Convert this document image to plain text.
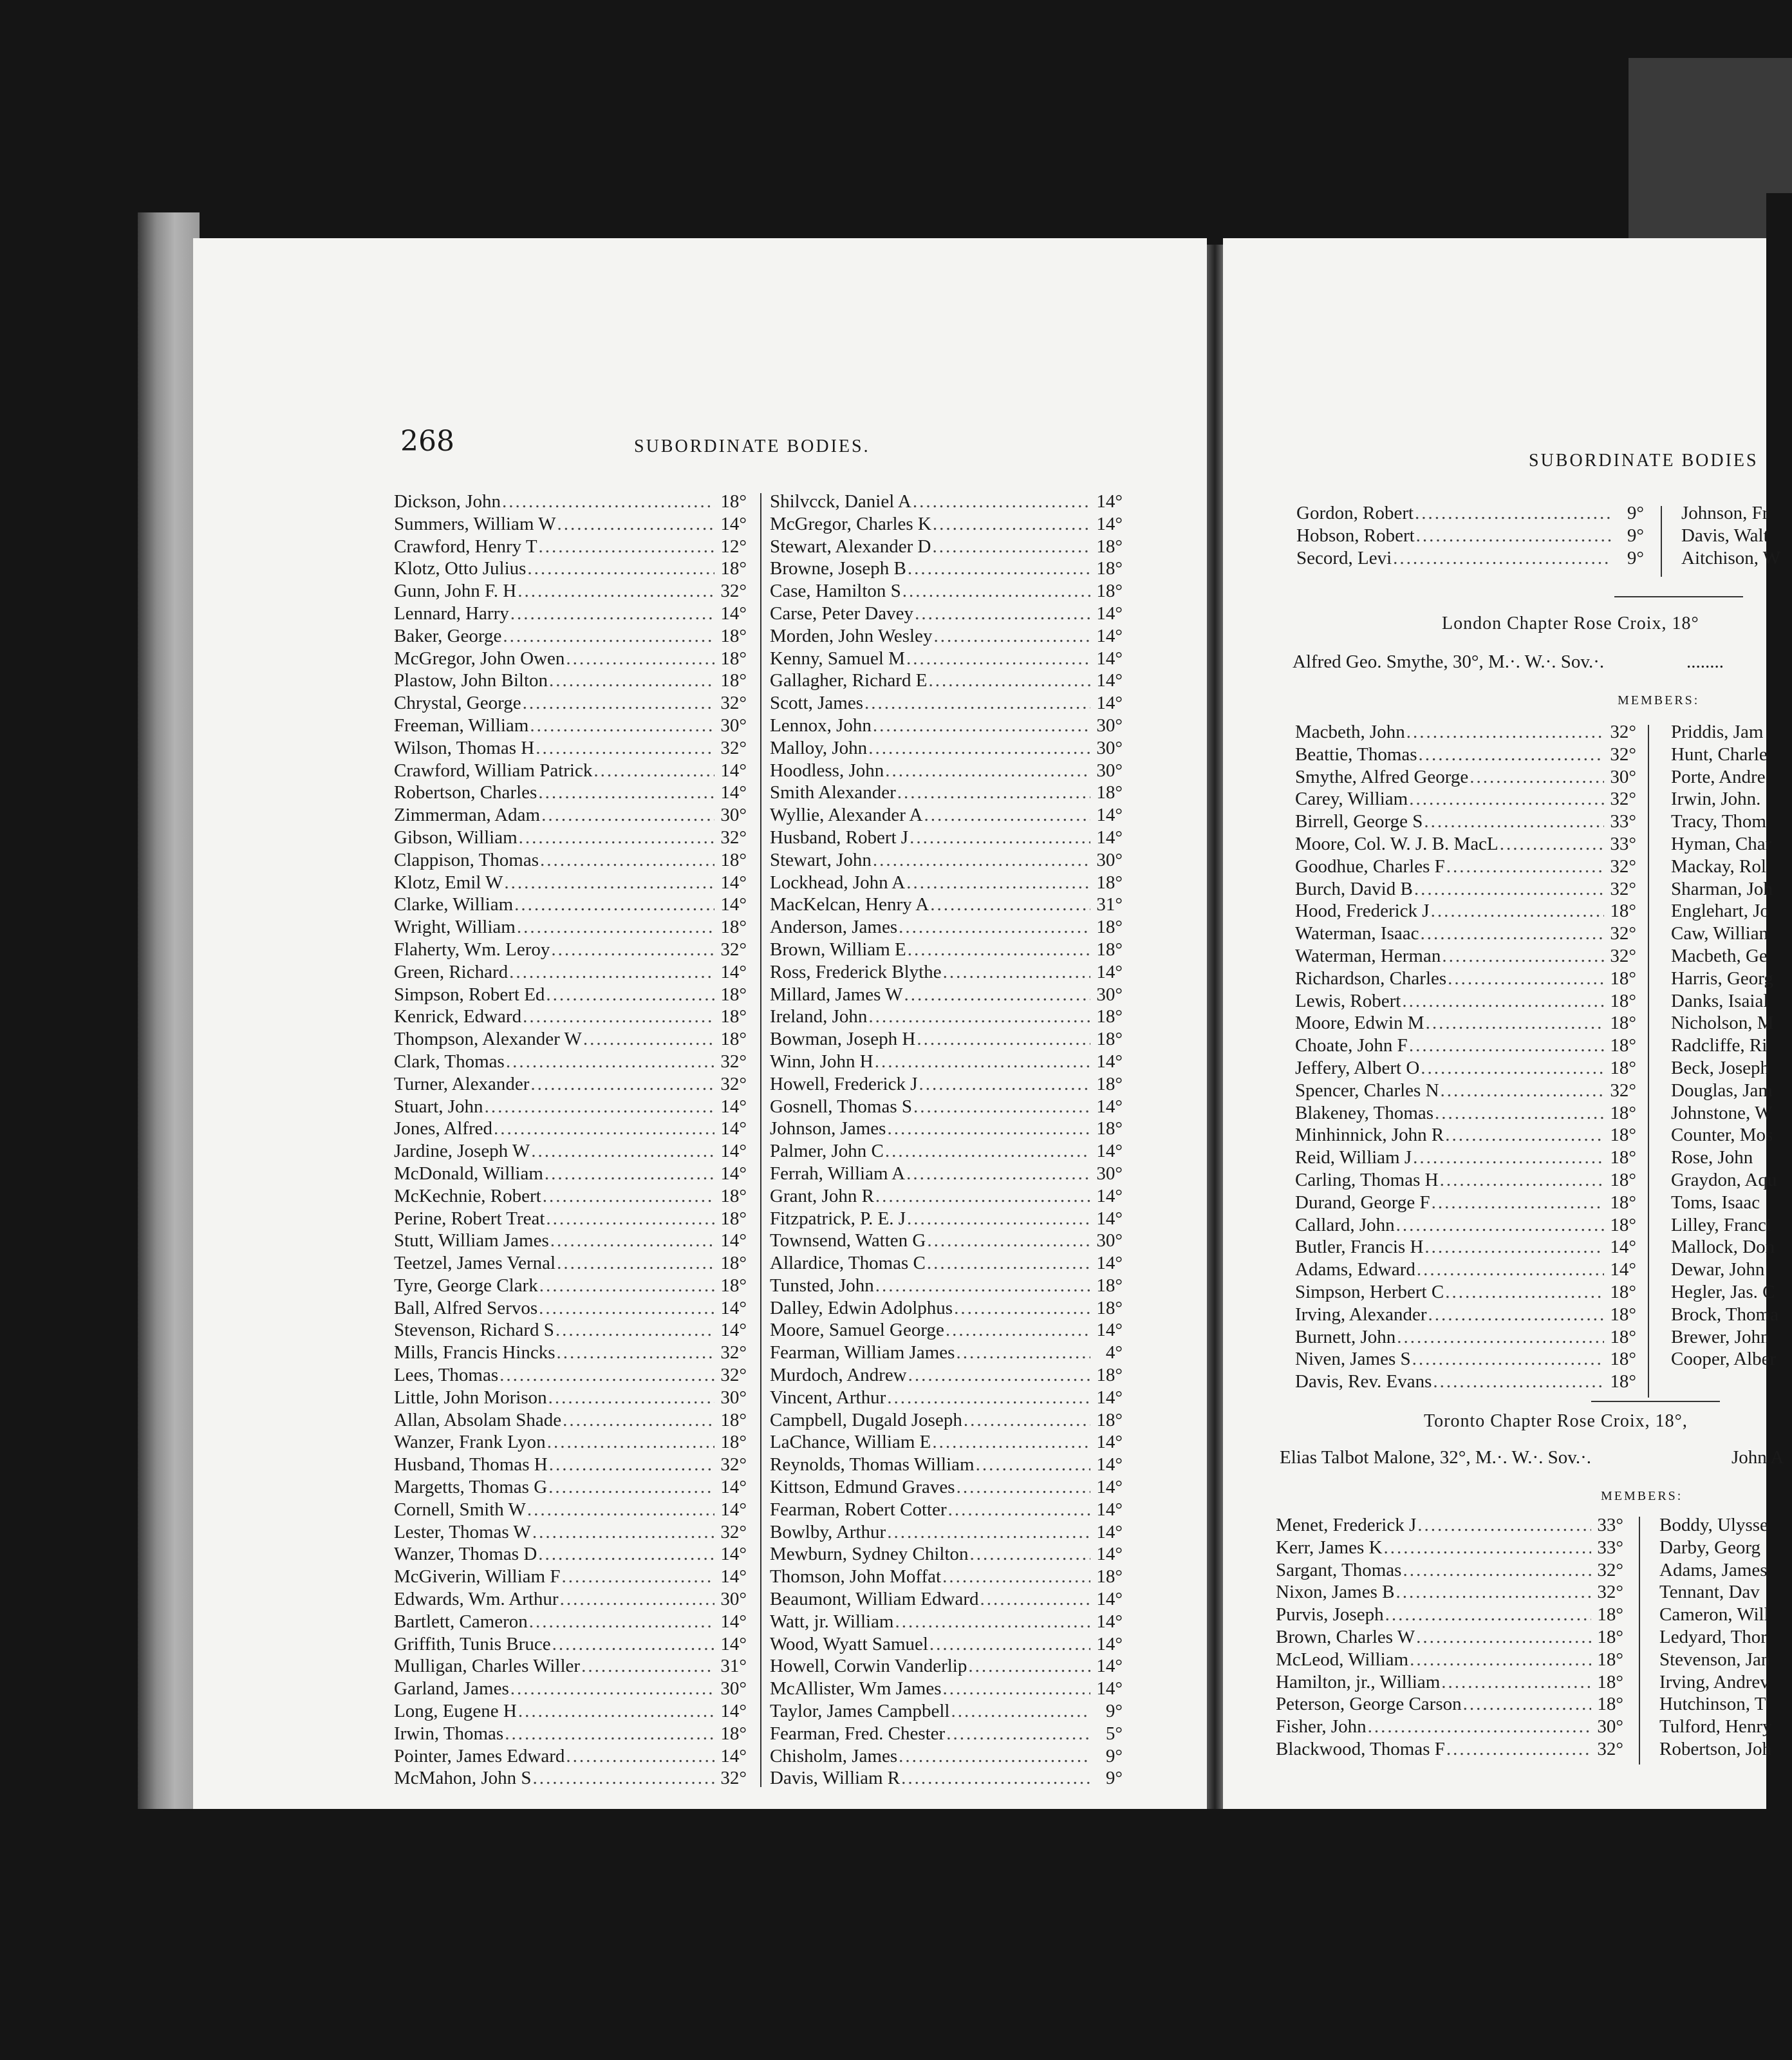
268	SUBORDINATE BODIES.
SUBORDINATE BODIES
Dickson, John .....	18°
Summers, William W .....	14°
Crawford, Henry T .....	12°
Klotz, Otto Julius .....	18°
Gunn, John F. H .....	32°
Lennard, Harry .....	14°
Baker, George .....	18°
McGregor, John Owen .....	18°
Plastow, John Bilton .....	18°
Chrystal, George .....	32°
Freeman, William .....	30°
Wilson, Thomas H .....	32°
Crawford, William Patrick .....	14°
Robertson, Charles .....	14°
Zimmerman, Adam .....	30°
Gibson, William .....	32°
Clappison, Thomas .....	18°
Klotz, Emil W .....	14°
Clarke, William .....	14°
Wright, William .....	18°
Flaherty, Wm. Leroy .....	32°
Green, Richard .....	14°
Simpson, Robert Ed .....	18°
Kenrick, Edward .....	18°
Thompson, Alexander W .....	18°
Clark, Thomas .....	32°
Turner, Alexander .....	32°
Stuart, John .....	14°
Jones, Alfred .....	14°
Jardine, Joseph W .....	14°
McDonald, William .....	14°
McKechnie, Robert .....	18°
Perine, Robert Treat .....	18°
Stutt, William James .....	14°
Teetzel, James Vernal .....	18°
Tyre, George Clark .....	18°
Ball, Alfred Servos .....	14°
Stevenson, Richard S .....	14°
Mills, Francis Hincks .....	32°
Lees, Thomas .....	32°
Little, John Morison .....	30°
Allan, Absolam Shade .....	18°
Wanzer, Frank Lyon .....	18°
Husband, Thomas H .....	32°
Margetts, Thomas G .....	14°
Cornell, Smith W .....	14°
Lester, Thomas W .....	32°
Wanzer, Thomas D .....	14°
McGiverin, William F .....	14°
Edwards, Wm. Arthur .....	30°
Bartlett, Cameron .....	14°
Griffith, Tunis Bruce .....	14°
Mulligan, Charles Willer .....	31°
Garland, James .....	30°
Long, Eugene H .....	14°
Irwin, Thomas .....	18°
Pointer, James Edward .....	14°
McMahon, John S .....	32°
Shilvcck, Daniel A .....	14°
McGregor, Charles K .....	14°
Stewart, Alexander D .....	18°
Browne, Joseph B .....	18°
Case, Hamilton S .....	18°
Carse, Peter Davey .....	14°
Morden, John Wesley .....	14°
Kenny, Samuel M .....	14°
Gallagher, Richard E .....	14°
Scott, James .....	14°
Lennox, John .....	30°
Malloy, John .....	30°
Hoodless, John .....	30°
Smith Alexander .....	18°
Wyllie, Alexander A .....	14°
Husband, Robert J .....	14°
Stewart, John .....	30°
Lockhead, John A .....	18°
MacKelcan, Henry A .....	31°
Anderson, James .....	18°
Brown, William E .....	18°
Ross, Frederick Blythe .....	14°
Millard, James W .....	30°
Ireland, John .....	18°
Bowman, Joseph H .....	18°
Winn, John H .....	14°
Howell, Frederick J .....	18°
Gosnell, Thomas S .....	14°
Johnson, James .....	18°
Palmer, John C .....	14°
Ferrah, William A .....	30°
Grant, John R .....	14°
Fitzpatrick, P. E. J .....	14°
Townsend, Watten G .....	30°
Allardice, Thomas C .....	14°
Tunsted, John .....	18°
Dalley, Edwin Adolphus .....	18°
Moore, Samuel George .....	14°
Fearman, William James .....	4°
Murdoch, Andrew .....	18°
Vincent, Arthur .....	14°
Campbell, Dugald Joseph .....	18°
LaChance, William E .....	14°
Reynolds, Thomas William .....	14°
Kittson, Edmund Graves .....	14°
Fearman, Robert Cotter .....	14°
Bowlby, Arthur .....	14°
Mewburn, Sydney Chilton .....	14°
Thomson, John Moffat .....	18°
Beaumont, William Edward .....	14°
Watt, jr. William .....	14°
Wood, Wyatt Samuel .....	14°
Howell, Corwin Vanderlip .....	14°
McAllister, Wm James .....	14°
Taylor, James Campbell .....	9°
Fearman, Fred. Chester .....	5°
Chisholm, James .....	9°
Davis, William R .....	9°
Gordon, Robert .....	9°
Hobson, Robert .....	9°
Secord, Levi .....	9°
Johnson, Fr
Davis, Walt
Aitchison, W
London Chapter Rose Croix, 18°
Alfred Geo. Smythe, 30°, M.·. W.·. Sov.·.	........
MEMBERS:
Macbeth, John .....	32°
Beattie, Thomas .....	32°
Smythe, Alfred George .....	30°
Carey, William .....	32°
Birrell, George S .....	33°
Moore, Col. W. J. B. MacL .....	33°
Goodhue, Charles F .....	32°
Burch, David B .....	32°
Hood, Frederick J .....	18°
Waterman, Isaac .....	32°
Waterman, Herman .....	32°
Richardson, Charles .....	18°
Lewis, Robert .....	18°
Moore, Edwin M .....	18°
Choate, John F .....	18°
Jeffery, Albert O .....	18°
Spencer, Charles N .....	32°
Blakeney, Thomas .....	18°
Minhinnick, John R .....	18°
Reid, William J .....	18°
Carling, Thomas H .....	18°
Durand, George F .....	18°
Callard, John .....	18°
Butler, Francis H .....	14°
Adams, Edward .....	14°
Simpson, Herbert C .....	18°
Irving, Alexander .....	18°
Burnett, John .....	18°
Niven, James S .....	18°
Davis, Rev. Evans .....	18°
Priddis, Jam
Hunt, Charle
Porte, Andre
Irwin, John.
Tracy, Thom
Hyman, Char
Mackay, Rol
Sharman, Joh
Englehart, Jo
Caw, Willian
Macbeth, Ge
Harris, Georg
Danks, Isaial
Nicholson, M
Radcliffe, Ri
Beck, Joseph
Douglas, Jam
Johnstone, W
Counter, Mos
Rose, John
Graydon, Aqu
Toms, Isaac
Lilley, Franci
Mallock, Don
Dewar, John
Hegler, Jas. C
Brock, Thoma
Brewer, John
Cooper, Alber
Toronto Chapter Rose Croix, 18°,
Elias Talbot Malone, 32°, M.·. W.·. Sov.·.	John A
MEMBERS:
Menet, Frederick J .....	33°
Kerr, James K .....	33°
Sargant, Thomas .....	32°
Nixon, James B .....	32°
Purvis, Joseph .....	18°
Brown, Charles W .....	18°
McLeod, William .....	18°
Hamilton, jr., William .....	18°
Peterson, George Carson .....	18°
Fisher, John .....	30°
Blackwood, Thomas F .....	32°
Boddy, Ulysse
Darby, Georg
Adams, James
Tennant, Dav
Cameron, Will
Ledyard, Thor
Stevenson, Jan
Irving, Andrev
Hutchinson, T
Tulford, Henry
Robertson, Joh
